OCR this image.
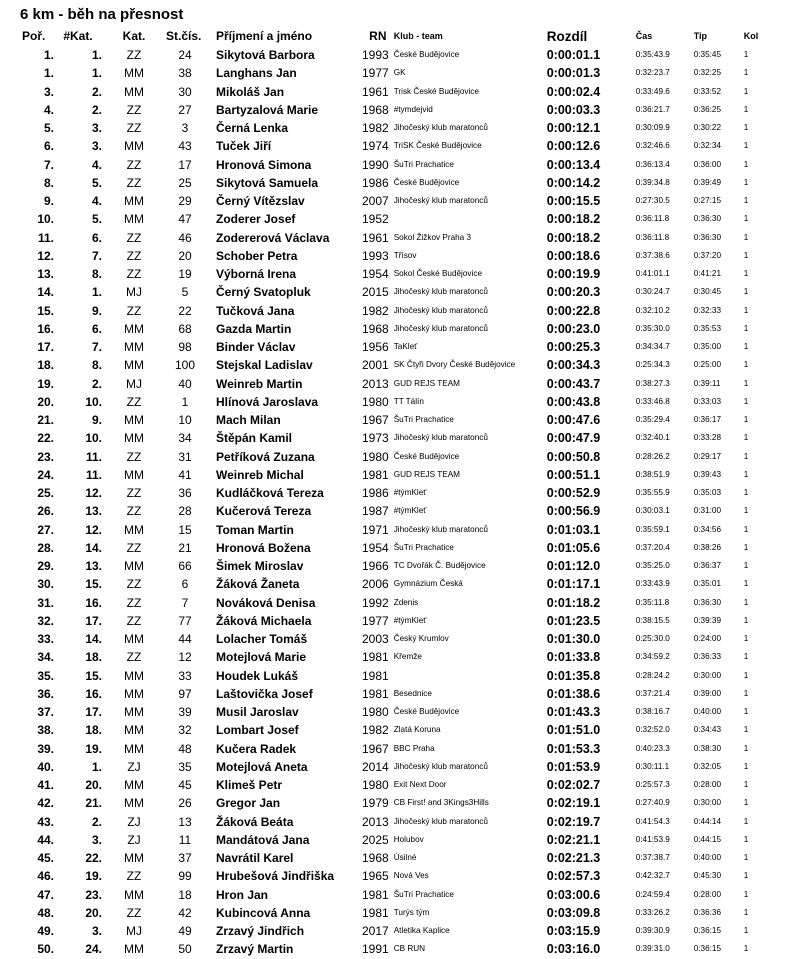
6 km - běh na přesnost
Poř.	#Kat.	Kat.	St.čís.	Příjmení a jméno	RN	Klub - team	Rozdíl	Čas	Tip	Kol
1.	1.	ZZ	24	Sikytová Barbora	1993	České Budějovice	0:00:01.1	0:35:43.9	0:35:45	1
1.	1.	MM	38	Langhans Jan	1977	GK	0:00:01.3	0:32:23.7	0:32:25	1
3.	2.	MM	30	Mikoláš Jan	1961	Trisk České Budějovice	0:00:02.4	0:33:49.6	0:33:52	1
4.	2.	ZZ	27	Bartyzalová Marie	1968	#tymdejvid	0:00:03.3	0:36:21.7	0:36:25	1
5.	3.	ZZ	3	Černá Lenka	1982	Jihočeský klub maratonců	0:00:12.1	0:30:09.9	0:30:22	1
6.	3.	MM	43	Tuček Jiří	1974	TriSK České Budějovice	0:00:12.6	0:32:46.6	0:32:34	1
7.	4.	ZZ	17	Hronová Simona	1990	ŠuTri Prachatice	0:00:13.4	0:36:13.4	0:36:00	1
8.	5.	ZZ	25	Sikytová Samuela	1986	České Budějovice	0:00:14.2	0:39:34.8	0:39:49	1
9.	4.	MM	29	Černý Vítězslav	2007	Jihočeský klub maratonců	0:00:15.5	0:27:30.5	0:27:15	1
10.	5.	MM	47	Zoderer Josef	1952		0:00:18.2	0:36:11.8	0:36:30	1
11.	6.	ZZ	46	Zodererová Václava	1961	Sokol Žižkov Praha 3	0:00:18.2	0:36:11.8	0:36:30	1
12.	7.	ZZ	20	Schober Petra	1993	Třísov	0:00:18.6	0:37:38.6	0:37:20	1
13.	8.	ZZ	19	Výborná Irena	1954	Sokol České Budějovice	0:00:19.9	0:41:01.1	0:41:21	1
14.	1.	MJ	5	Černý Svatopluk	2015	Jihočeský klub maratonců	0:00:20.3	0:30:24.7	0:30:45	1
15.	9.	ZZ	22	Tučková Jana	1982	Jihočeský klub maratonců	0:00:22.8	0:32:10.2	0:32:33	1
16.	6.	MM	68	Gazda Martin	1968	Jihočeský klub maratonců	0:00:23.0	0:35:30.0	0:35:53	1
17.	7.	MM	98	Binder Václav	1956	TaKleť	0:00:25.3	0:34:34.7	0:35:00	1
18.	8.	MM	100	Stejskal Ladislav	2001	SK Čtyři Dvory České Budějovice	0:00:34.3	0:25:34.3	0:25:00	1
19.	2.	MJ	40	Weinreb Martin	2013	GUD REJS TEAM	0:00:43.7	0:38:27.3	0:39:11	1
20.	10.	ZZ	1	Hlínová Jaroslava	1980	TT Tálín	0:00:43.8	0:33:46.8	0:33:03	1
21.	9.	MM	10	Mach Milan	1967	ŠuTri Prachatice	0:00:47.6	0:35:29.4	0:36:17	1
22.	10.	MM	34	Štěpán Kamil	1973	Jihočeský klub maratonců	0:00:47.9	0:32:40.1	0:33:28	1
23.	11.	ZZ	31	Petříková Zuzana	1980	České Budějovice	0:00:50.8	0:28:26.2	0:29:17	1
24.	11.	MM	41	Weinreb Michal	1981	GUD REJS TEAM	0:00:51.1	0:38:51.9	0:39:43	1
25.	12.	ZZ	36	Kudláčková Tereza	1986	#týmKleť	0:00:52.9	0:35:55.9	0:35:03	1
26.	13.	ZZ	28	Kučerová Tereza	1987	#týmKleť	0:00:56.9	0:30:03.1	0:31:00	1
27.	12.	MM	15	Toman Martin	1971	Jihočeský klub maratonců	0:01:03.1	0:35:59.1	0:34:56	1
28.	14.	ZZ	21	Hronová Božena	1954	ŠuTri Prachatice	0:01:05.6	0:37:20.4	0:38:26	1
29.	13.	MM	66	Šimek Miroslav	1966	TC Dvořák Č. Budějovice	0:01:12.0	0:35:25.0	0:36:37	1
30.	15.	ZZ	6	Žáková Žaneta	2006	Gymnázium Česká	0:01:17.1	0:33:43.9	0:35:01	1
31.	16.	ZZ	7	Nováková Denisa	1992	Zdenis	0:01:18.2	0:35:11.8	0:36:30	1
32.	17.	ZZ	77	Žáková Michaela	1977	#týmKleť	0:01:23.5	0:38:15.5	0:39:39	1
33.	14.	MM	44	Lolacher Tomáš	2003	Český Krumlov	0:01:30.0	0:25:30.0	0:24:00	1
34.	18.	ZZ	12	Motejlová Marie	1981	Křemže	0:01:33.8	0:34:59.2	0:36:33	1
35.	15.	MM	33	Houdek Lukáš	1981		0:01:35.8	0:28:24.2	0:30:00	1
36.	16.	MM	97	Laštovička Josef	1981	Besednice	0:01:38.6	0:37:21.4	0:39:00	1
37.	17.	MM	39	Musil Jaroslav	1980	České Budějovice	0:01:43.3	0:38:16.7	0:40:00	1
38.	18.	MM	32	Lombart Josef	1982	Zlatá Koruna	0:01:51.0	0:32:52.0	0:34:43	1
39.	19.	MM	48	Kučera Radek	1967	BBC Praha	0:01:53.3	0:40:23.3	0:38:30	1
40.	1.	ZJ	35	Motejlová Aneta	2014	Jihočeský klub maratonců	0:01:53.9	0:30:11.1	0:32:05	1
41.	20.	MM	45	Klimeš Petr	1980	Exit Next Door	0:02:02.7	0:25:57.3	0:28:00	1
42.	21.	MM	26	Gregor Jan	1979	CB First! and 3Kings3Hills	0:02:19.1	0:27:40.9	0:30:00	1
43.	2.	ZJ	13	Žáková Beáta	2013	Jihočeský klub maratonců	0:02:19.7	0:41:54.3	0:44:14	1
44.	3.	ZJ	11	Mandátová Jana	2025	Holubov	0:02:21.1	0:41:53.9	0:44:15	1
45.	22.	MM	37	Navrátil Karel	1968	Úsilné	0:02:21.3	0:37:38.7	0:40:00	1
46.	19.	ZZ	99	Hrubešová Jindřiška	1965	Nová Ves	0:02:57.3	0:42:32.7	0:45:30	1
47.	23.	MM	18	Hron Jan	1981	ŠuTri Prachatice	0:03:00.6	0:24:59.4	0:28:00	1
48.	20.	ZZ	42	Kubincová Anna	1981	Turýs tým	0:03:09.8	0:33:26.2	0:36:36	1
49.	3.	MJ	49	Zrzavý Jindřich	2017	Atletika Kaplice	0:03:15.9	0:39:30.9	0:36:15	1
50.	24.	MM	50	Zrzavý Martin	1991	CB RUN	0:03:16.0	0:39:31.0	0:36:15	1
